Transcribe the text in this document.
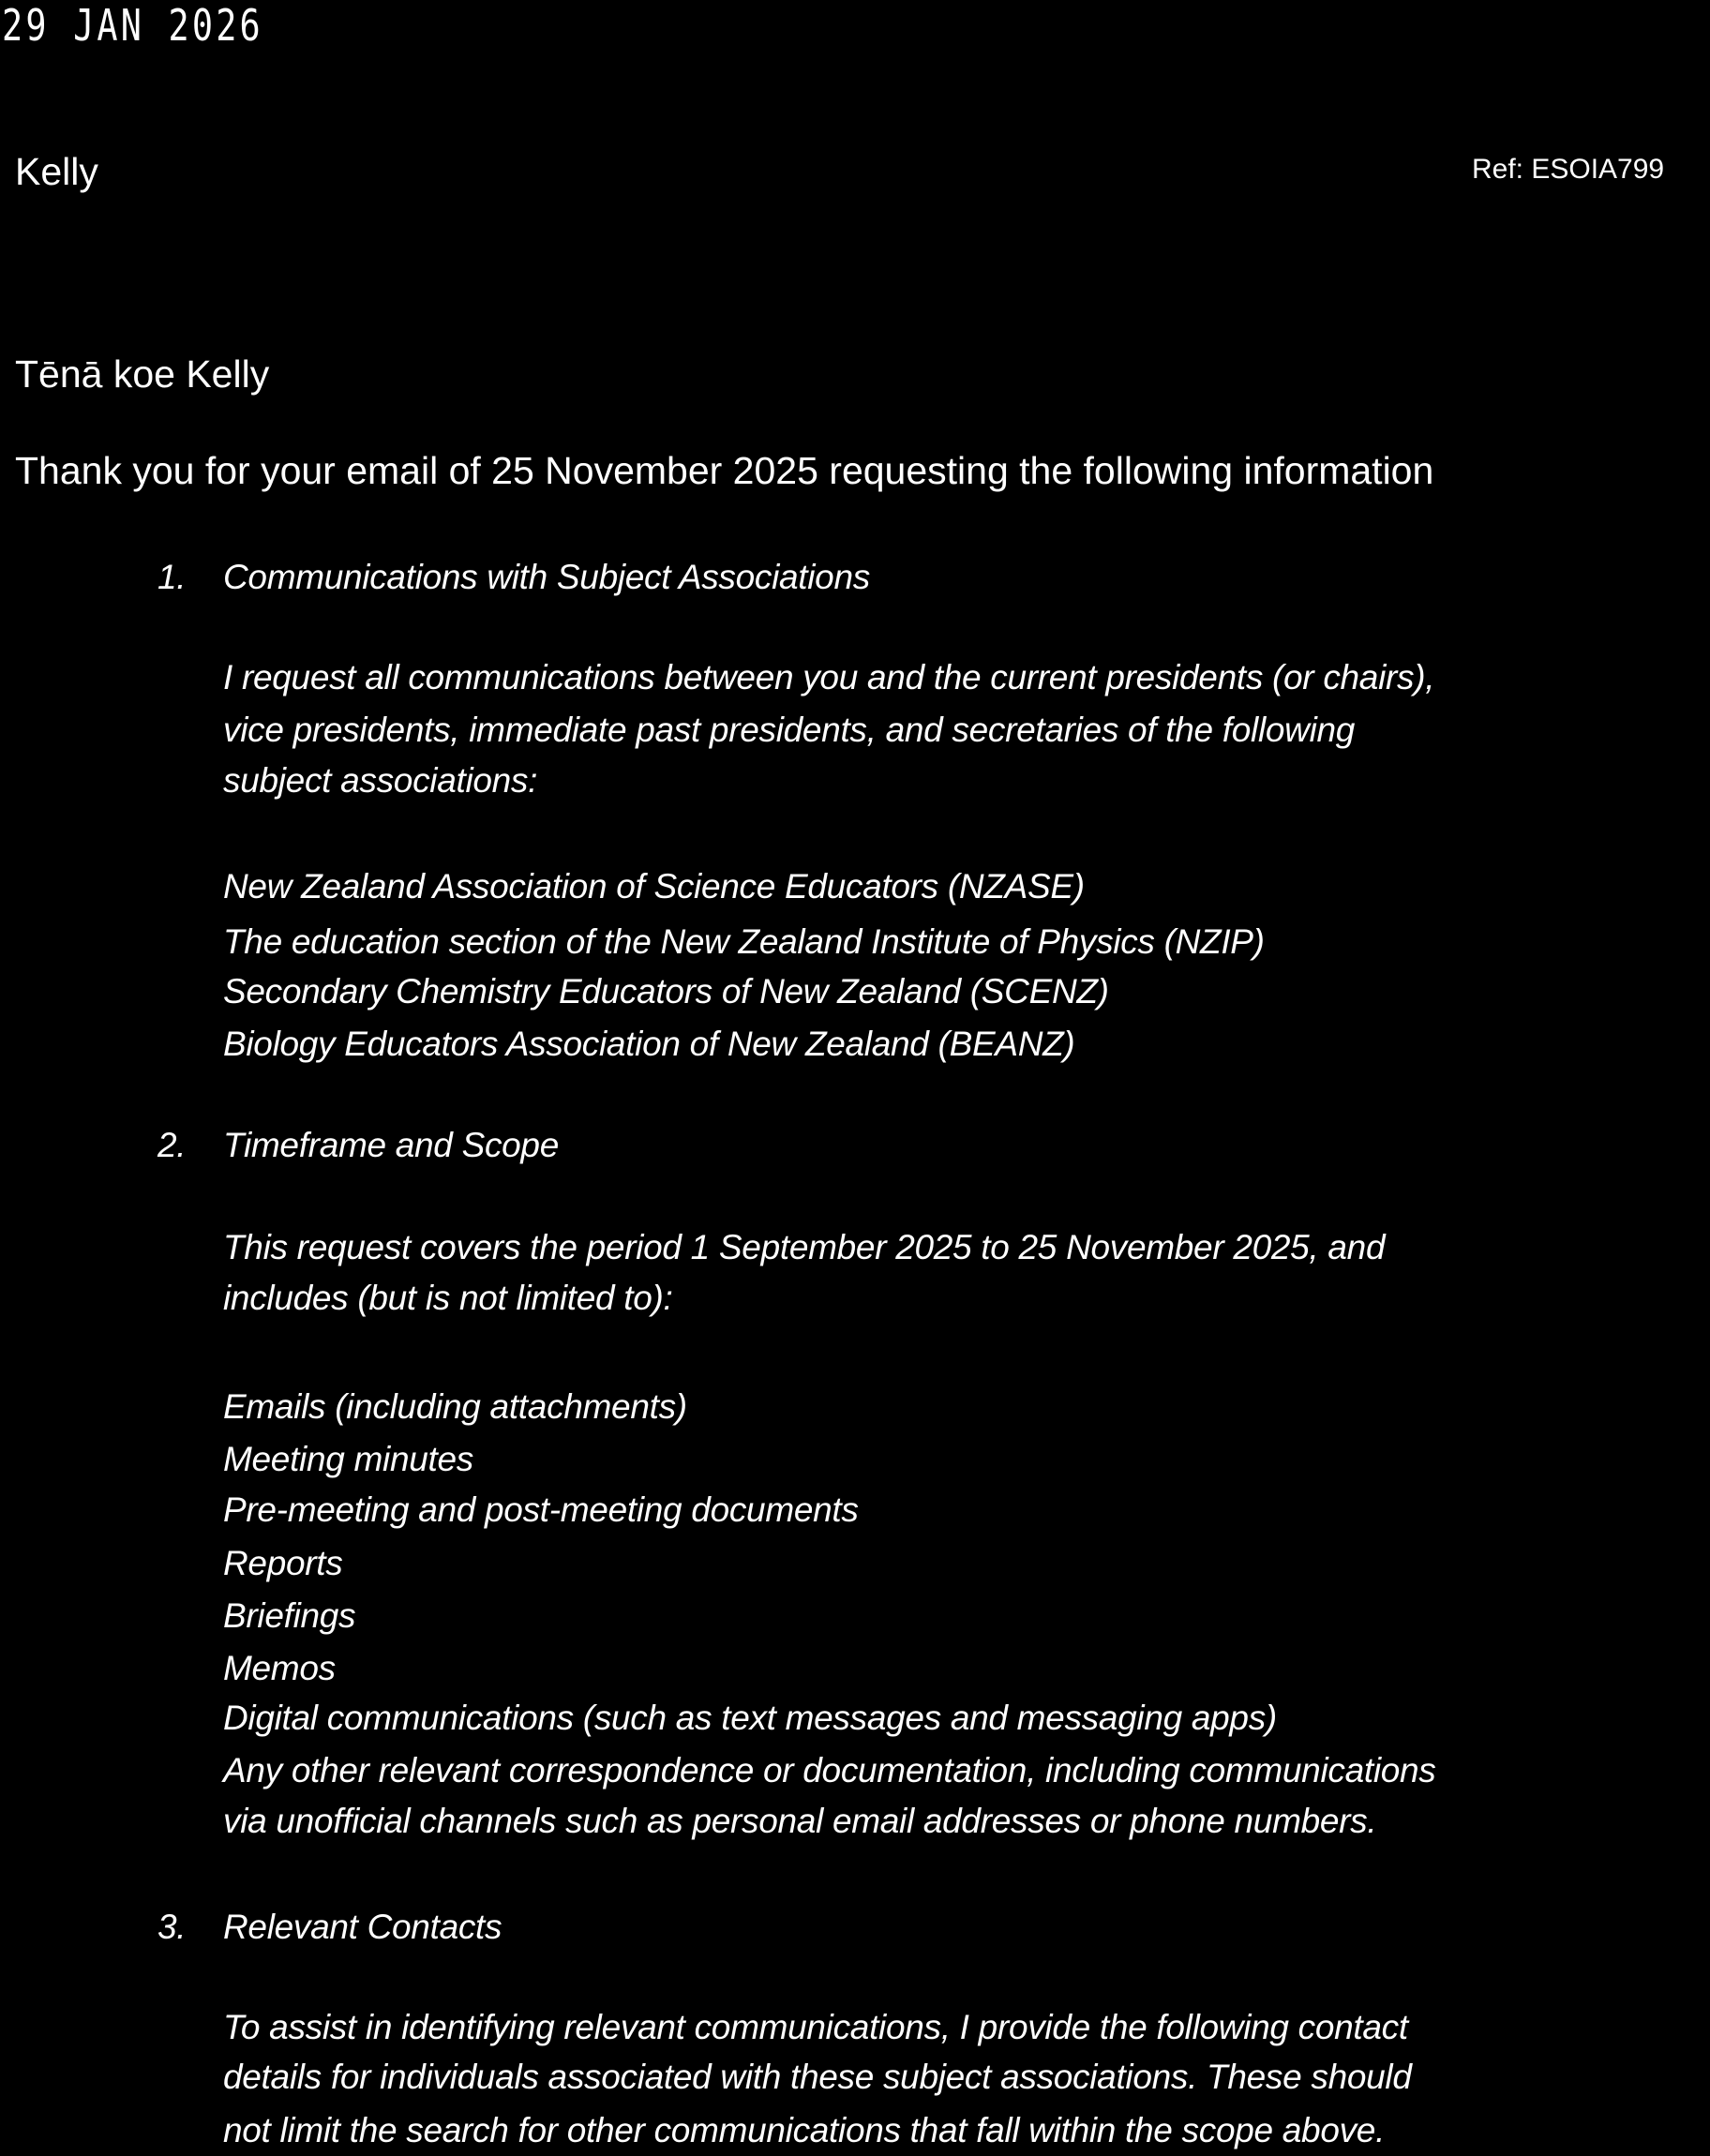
29 JAN 2026
Kelly	Ref: ESOIA799
Tēnā koe Kelly
Thank you for your email of 25 November 2025 requesting the following information
1. Communications with Subject Associations
I request all communications between you and the current presidents (or chairs),
vice presidents, immediate past presidents, and secretaries of the following
subject associations:
New Zealand Association of Science Educators (NZASE)
The education section of the New Zealand Institute of Physics (NZIP)
Secondary Chemistry Educators of New Zealand (SCENZ)
Biology Educators Association of New Zealand (BEANZ)
2. Timeframe and Scope
This request covers the period 1 September 2025 to 25 November 2025, and
includes (but is not limited to):
Emails (including attachments)
Meeting minutes
Pre-meeting and post-meeting documents
Reports
Briefings
Memos
Digital communications (such as text messages and messaging apps)
Any other relevant correspondence or documentation, including communications
via unofficial channels such as personal email addresses or phone numbers.
3. Relevant Contacts
To assist in identifying relevant communications, I provide the following contact
details for individuals associated with these subject associations. These should
not limit the search for other communications that fall within the scope above.
